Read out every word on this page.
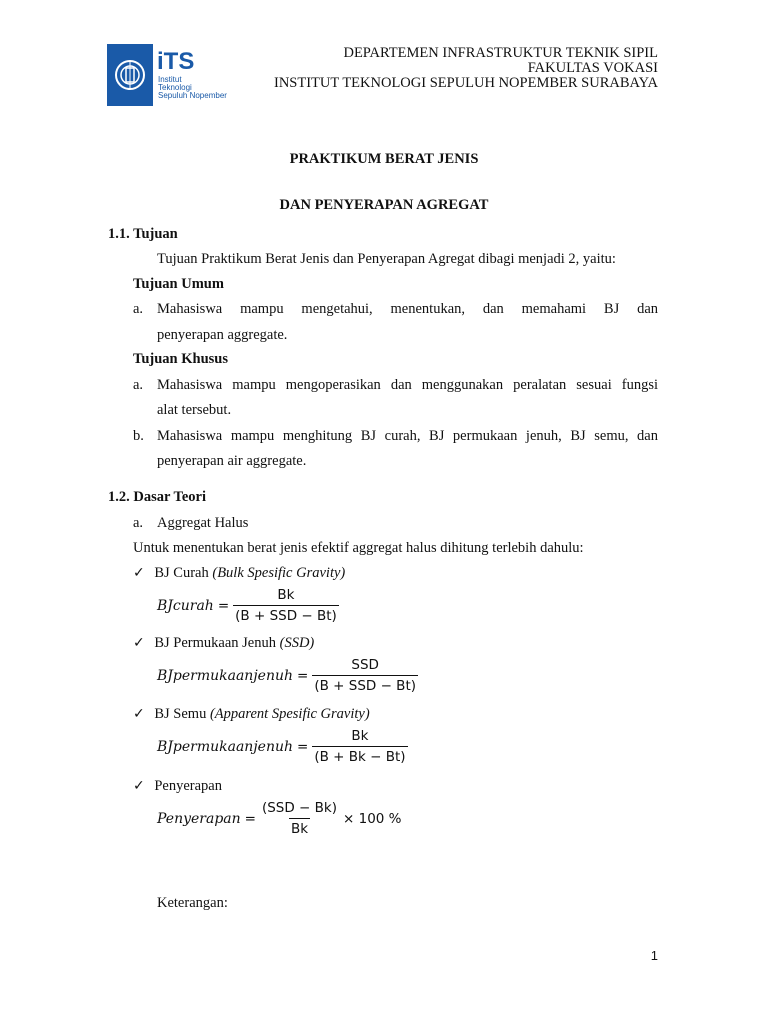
iTS
Institut
Teknologi
Sepuluh Nopember
DEPARTEMEN INFRASTRUKTUR TEKNIK SIPIL
FAKULTAS VOKASI
INSTITUT TEKNOLOGI SEPULUH NOPEMBER SURABAYA
PRAKTIKUM BERAT JENIS
DAN PENYERAPAN AGREGAT
1.1. Tujuan
Tujuan Praktikum Berat Jenis dan Penyerapan Agregat dibagi menjadi 2, yaitu:
Tujuan Umum
a. Mahasiswa mampu mengetahui, menentukan, dan memahami BJ dan
penyerapan aggregate.
Tujuan Khusus
a. Mahasiswa mampu mengoperasikan dan menggunakan peralatan sesuai fungsi
alat tersebut.
b. Mahasiswa mampu menghitung BJ curah, BJ permukaan jenuh, BJ semu, dan
penyerapan air aggregate.
1.2. Dasar Teori
a. Aggregat Halus
Untuk menentukan berat jenis efektif aggregat halus dihitung terlebih dahulu:
✓ BJ Curah (Bulk Spesific Gravity)
BJcurah = $\frac{Bk}{\text{(B + SSD − Bt)}}$
✓ BJ Permukaan Jenuh (SSD)
BJpermukaanjenuh = $\frac{\text{SSD}}{\text{(B + SSD − Bt)}}$
✓ BJ Semu (Apparent Spesific Gravity)
BJpermukaanjenuh = $\frac{Bk}{(B + Bk - Bt)}$
✓ Penyerapan
Penyerapan = $\frac{\text{(SSD − Bk)}}{Bk} \times 100$ %
Keterangan:
1
